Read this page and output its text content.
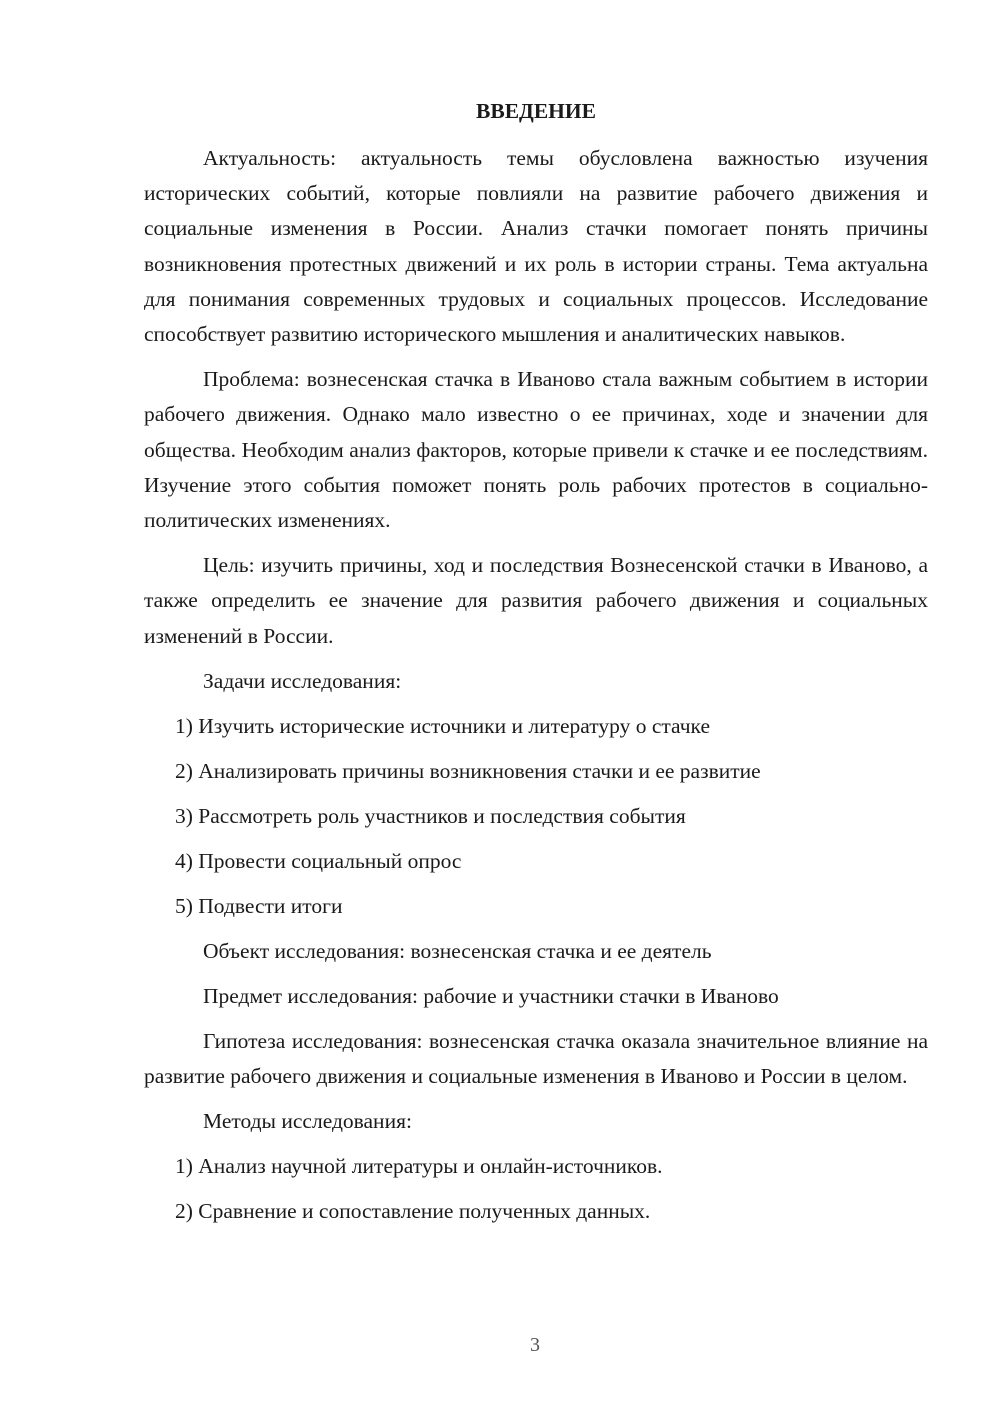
ВВЕДЕНИЕ

Актуальность: актуальность темы обусловлена важностью изучения исторических событий, которые повлияли на развитие рабочего движения и социальные изменения в России. Анализ стачки помогает понять причины возникновения протестных движений и их роль в истории страны. Тема актуальна для понимания современных трудовых и социальных процессов. Исследование способствует развитию исторического мышления и аналитических навыков.

Проблема: вознесенская стачка в Иваново стала важным событием в истории рабочего движения. Однако мало известно о ее причинах, ходе и значении для общества. Необходим анализ факторов, которые привели к стачке и ее последствиям. Изучение этого события поможет понять роль рабочих протестов в социально-политических изменениях.

Цель: изучить причины, ход и последствия Вознесенской стачки в Иваново, а также определить ее значение для развития рабочего движения и социальных изменений в России.

Задачи исследования:
1) Изучить исторические источники и литературу о стачке
2) Анализировать причины возникновения стачки и ее развитие
3) Рассмотреть роль участников и последствия события
4) Провести социальный опрос
5) Подвести итоги
Объект исследования: вознесенская стачка и ее деятель
Предмет исследования: рабочие и участники стачки в Иваново

Гипотеза исследования: вознесенская стачка оказала значительное влияние на развитие рабочего движения и социальные изменения в Иваново и России в целом.

Методы исследования:
1) Анализ научной литературы и онлайн-источников.
2) Сравнение и сопоставление полученных данных.
3
